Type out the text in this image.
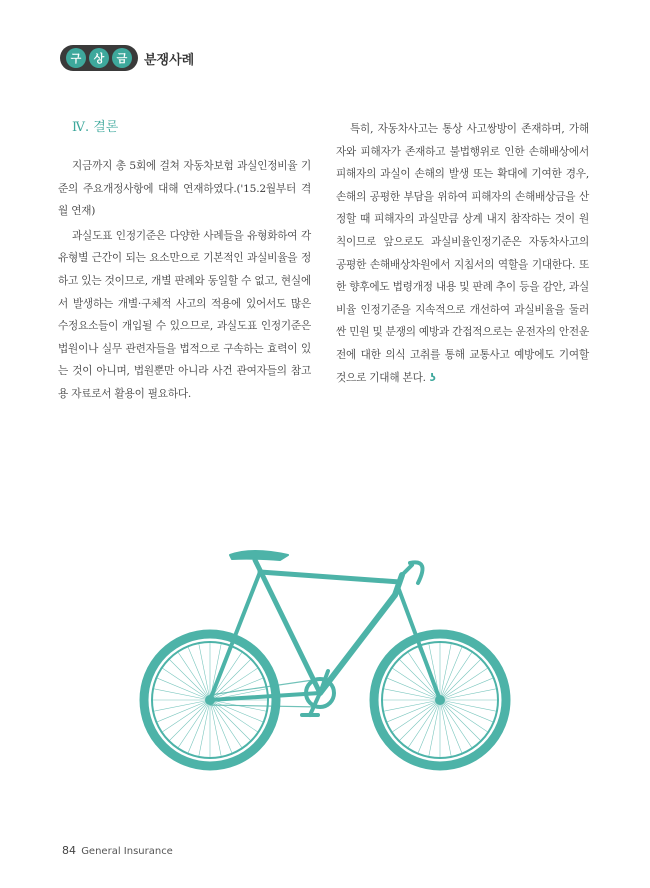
구	상	금	분쟁사례
Ⅳ. 결론

지금까지 총 5회에 걸쳐 자동차보험 과실인정비율 기준의 주요개정사항에 대해 연재하였다.('15.2월부터 격월 연재)

과실도표 인정기준은 다양한 사례들을 유형화하여 각 유형별 근간이 되는 요소만으로 기본적인 과실비율을 정하고 있는 것이므로, 개별 판례와 동일할 수 없고, 현실에서 발생하는 개별·구체적 사고의 적용에 있어서도 많은 수정요소들이 개입될 수 있으므로, 과실도표 인정기준은 법원이나 실무 관련자들을 법적으로 구속하는 효력이 있는 것이 아니며, 법원뿐만 아니라 사건 관여자들의 참고용 자료로서 활용이 필요하다.

특히, 자동차사고는 통상 사고쌍방이 존재하며, 가해자와 피해자가 존재하고 불법행위로 인한 손해배상에서 피해자의 과실이 손해의 발생 또는 확대에 기여한 경우, 손해의 공평한 부담을 위하여 피해자의 손해배상금을 산정할 때 피해자의 과실만큼 상계 내지 참작하는 것이 원칙이므로 앞으로도 과실비율인정기준은 자동차사고의 공평한 손해배상차원에서 지침서의 역할을 기대한다. 또한 향후에도 법령개정 내용 및 판례 추이 등을 감안, 과실비율 인정기준을 지속적으로 개선하여 과실비율을 둘러싼 민원 및 분쟁의 예방과 간접적으로는 운전자의 안전운전에 대한 의식 고취를 통해 교통사고 예방에도 기여할 것으로 기대해 본다. ʖ

84 General Insurance
